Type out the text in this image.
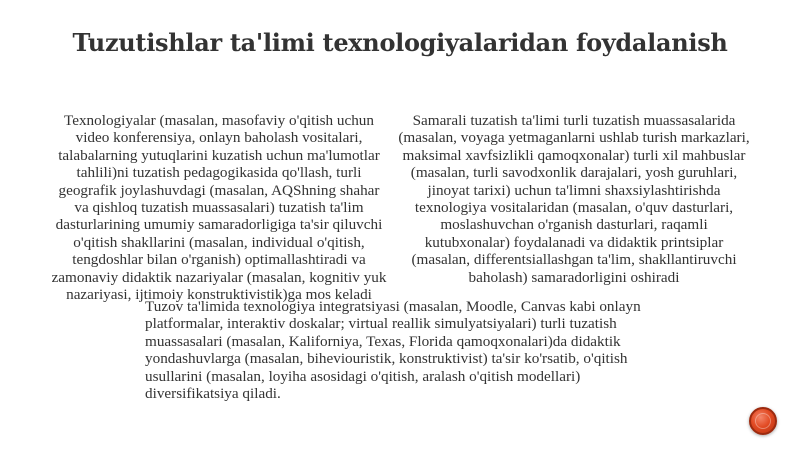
Tuzutishlar ta'limi texnologiyalaridan foydalanish
Texnologiyalar (masalan, masofaviy o'qitish uchun video konferensiya, onlayn baholash vositalari, talabalarning yutuqlarini kuzatish uchun ma'lumotlar tahlili)ni tuzatish pedagogikasida qo'llash, turli geografik joylashuvdagi (masalan, AQShning shahar va qishloq tuzatish muassasalari) tuzatish ta'lim dasturlarining umumiy samaradorligiga ta'sir qiluvchi o'qitish shakllarini (masalan, individual o'qitish, tengdoshlar bilan o'rganish) optimallashtiradi va zamonaviy didaktik nazariyalar (masalan, kognitiv yuk nazariyasi, ijtimoiy konstruktivistik)ga mos keladi
Samarali tuzatish ta'limi turli tuzatish muassasalarida (masalan, voyaga yetmaganlarni ushlab turish markazlari, maksimal xavfsizlikli qamoqxonalar) turli xil mahbuslar (masalan, turli savodxonlik darajalari, yosh guruhlari, jinoyat tarixi) uchun ta'limni shaxsiylashtirishda texnologiya vositalaridan (masalan, o'quv dasturlari, moslashuvchan o'rganish dasturlari, raqamli kutubxonalar) foydalanadi va didaktik printsiplar (masalan, differentsiallashgan ta'lim, shakllantiruvchi baholash) samaradorligini oshiradi
Tuzov ta'limida texnologiya integratsiyasi (masalan, Moodle, Canvas kabi onlayn platformalar, interaktiv doskalar; virtual reallik simulyatsiyalari) turli tuzatish muassasalari (masalan, Kaliforniya, Texas, Florida qamoqxonalari)da didaktik yondashuvlarga (masalan, biheviouristik, konstruktivist) ta'sir ko'rsatib, o'qitish usullarini (masalan, loyiha asosidagi o'qitish, aralash o'qitish modellari) diversifikatsiya qiladi.
